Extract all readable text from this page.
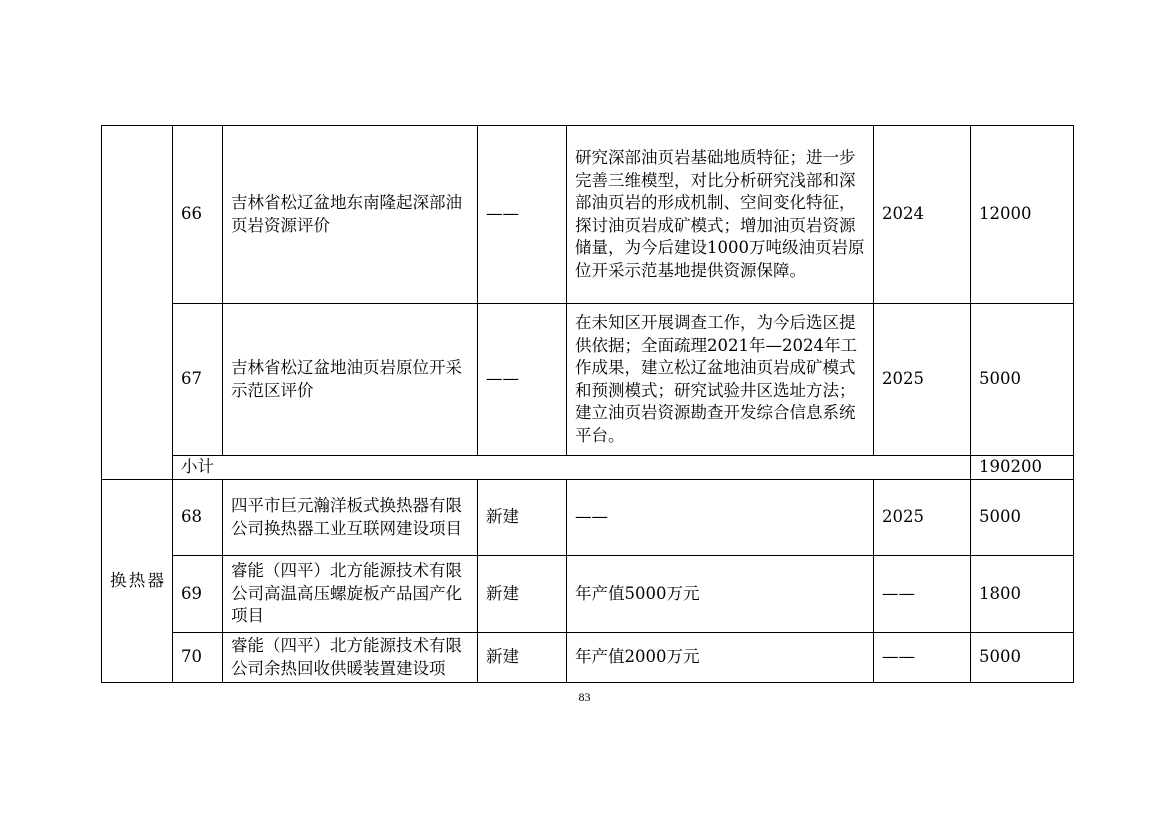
	66	吉林省松辽盆地东南隆起深部油页岩资源评价	——	研究深部油页岩基础地质特征；进一步完善三维模型，对比分析研究浅部和深部油页岩的形成机制、空间变化特征，探讨油页岩成矿模式；增加油页岩资源储量，为今后建设1000万吨级油页岩原位开采示范基地提供资源保障。	2024	12000
	67	吉林省松辽盆地油页岩原位开采示范区评价	——	在未知区开展调查工作，为今后选区提供依据；全面疏理2021年—2024年工作成果，建立松辽盆地油页岩成矿模式和预测模式；研究试验井区选址方法；建立油页岩资源勘查开发综合信息系统平台。	2025	5000
	小计					190200
换热器	68	四平市巨元瀚洋板式换热器有限公司换热器工业互联网建设项目	新建	——	2025	5000
	69	睿能（四平）北方能源技术有限公司高温高压螺旋板产品国产化项目	新建	年产值5000万元	——	1800
	70	睿能（四平）北方能源技术有限公司余热回收供暖装置建设项	新建	年产值2000万元	——	5000
83
